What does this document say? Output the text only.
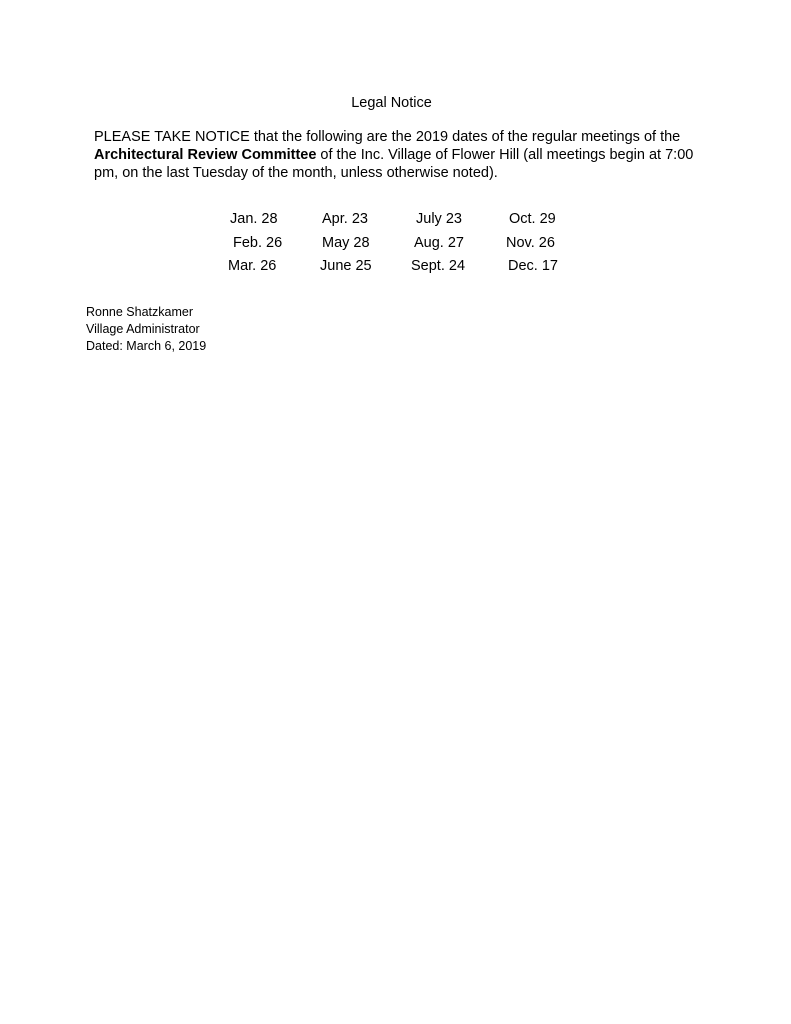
Legal Notice
PLEASE TAKE NOTICE that the following are the 2019 dates of the regular meetings of the Architectural Review Committee of the Inc. Village of Flower Hill (all meetings begin at 7:00 pm, on the last Tuesday of the month, unless otherwise noted).
Jan. 28	Apr. 23	July 23	Oct. 29
Feb. 26	May 28	Aug. 27	Nov. 26
Mar. 26	June 25	Sept. 24	Dec. 17
Ronne Shatzkamer
Village Administrator
Dated: March 6, 2019
